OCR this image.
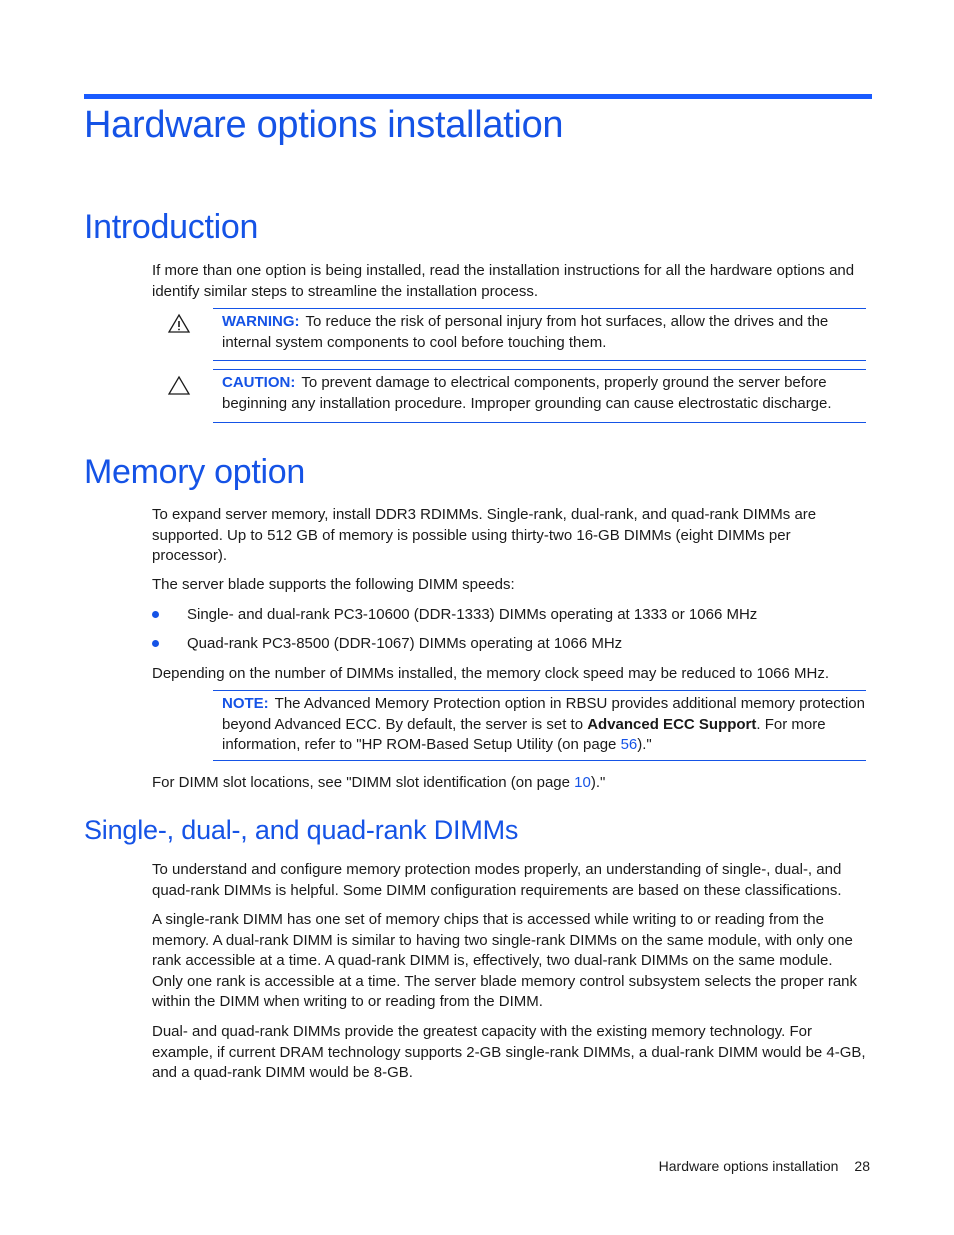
Hardware options installation
Introduction

If more than one option is being installed, read the installation instructions for all the hardware options and identify similar steps to streamline the installation process.

WARNING: To reduce the risk of personal injury from hot surfaces, allow the drives and the internal system components to cool before touching them.

CAUTION: To prevent damage to electrical components, properly ground the server before beginning any installation procedure. Improper grounding can cause electrostatic discharge.

Memory option

To expand server memory, install DDR3 RDIMMs. Single-rank, dual-rank, and quad-rank DIMMs are supported. Up to 512 GB of memory is possible using thirty-two 16-GB DIMMs (eight DIMMs per processor).

The server blade supports the following DIMM speeds:

Single- and dual-rank PC3-10600 (DDR-1333) DIMMs operating at 1333 or 1066 MHz
Quad-rank PC3-8500 (DDR-1067) DIMMs operating at 1066 MHz

Depending on the number of DIMMs installed, the memory clock speed may be reduced to 1066 MHz.

NOTE: The Advanced Memory Protection option in RBSU provides additional memory protection beyond Advanced ECC. By default, the server is set to Advanced ECC Support. For more information, refer to "HP ROM-Based Setup Utility (on page 56)."

For DIMM slot locations, see "DIMM slot identification (on page 10)."

Single-, dual-, and quad-rank DIMMs

To understand and configure memory protection modes properly, an understanding of single-, dual-, and quad-rank DIMMs is helpful. Some DIMM configuration requirements are based on these classifications.

A single-rank DIMM has one set of memory chips that is accessed while writing to or reading from the memory. A dual-rank DIMM is similar to having two single-rank DIMMs on the same module, with only one rank accessible at a time. A quad-rank DIMM is, effectively, two dual-rank DIMMs on the same module. Only one rank is accessible at a time. The server blade memory control subsystem selects the proper rank within the DIMM when writing to or reading from the DIMM.

Dual- and quad-rank DIMMs provide the greatest capacity with the existing memory technology. For example, if current DRAM technology supports 2-GB single-rank DIMMs, a dual-rank DIMM would be 4-GB, and a quad-rank DIMM would be 8-GB.

Hardware options installation 28
